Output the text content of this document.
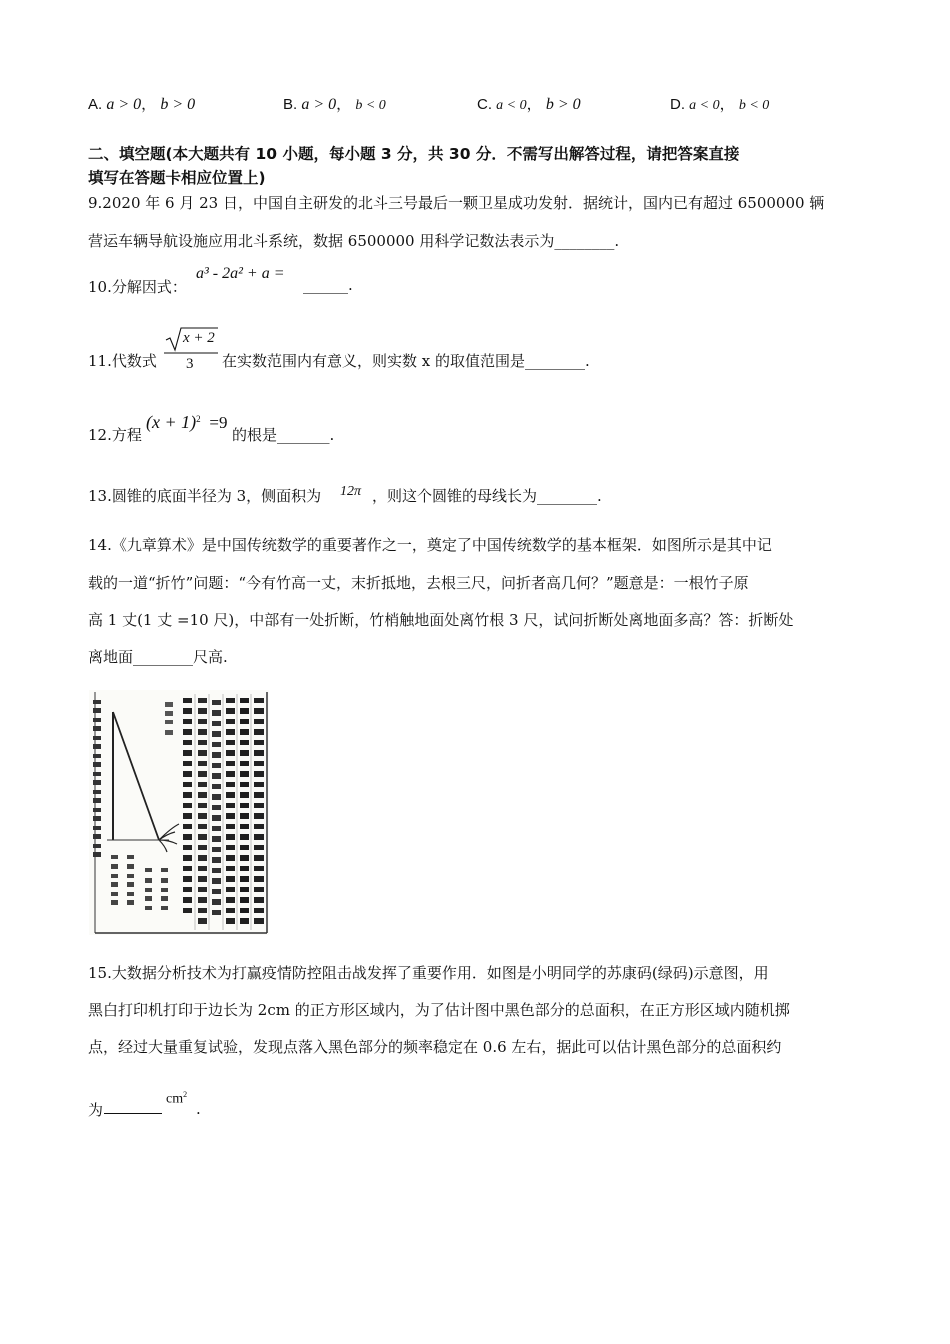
A. a > 0， b > 0	B. a > 0， b < 0	C. a < 0， b > 0	D. a < 0， b < 0
二、填空题(本大题共有 10 小题，每小题 3 分，共 30 分．不需写出解答过程，请把答案直接
填写在答题卡相应位置上)
9.2020 年 6 月 23 日，中国自主研发的北斗三号最后一颗卫星成功发射．据统计，国内已有超过 6500000 辆
营运车辆导航设施应用北斗系统，数据 6500000 用科学记数法表示为________.
10.分解因式：
a³ - 2a² + a =
______.
11.代数式
x + 2
3 在实数范围内有意义，则实数 x 的取值范围是________.
12.方程
$(x + 1)^2 =9$
的根是_______.
13.圆锥的底面半径为 3，侧面积为 12π ，则这个圆锥的母线长为________.
14.《九章算术》是中国传统数学的重要著作之一，奠定了中国传统数学的基本框架．如图所示是其中记
载的一道“折竹”问题：“今有竹高一丈，末折抵地，去根三尺，问折者高几何？”题意是：一根竹子原
高 1 丈(1 丈 =10 尺)，中部有一处折断，竹梢触地面处离竹根 3 尺，试问折断处离地面多高？答：折断处
离地面________尺高.
15.大数据分析技术为打赢疫情防控阻击战发挥了重要作用．如图是小明同学的苏康码(绿码)示意图，用
黑白打印机打印于边长为 2cm 的正方形区域内，为了估计图中黑色部分的总面积，在正方形区域内随机掷
点，经过大量重复试验，发现点落入黑色部分的频率稳定在 0.6 左右，据此可以估计黑色部分的总面积约
为
$cm^2$
.
